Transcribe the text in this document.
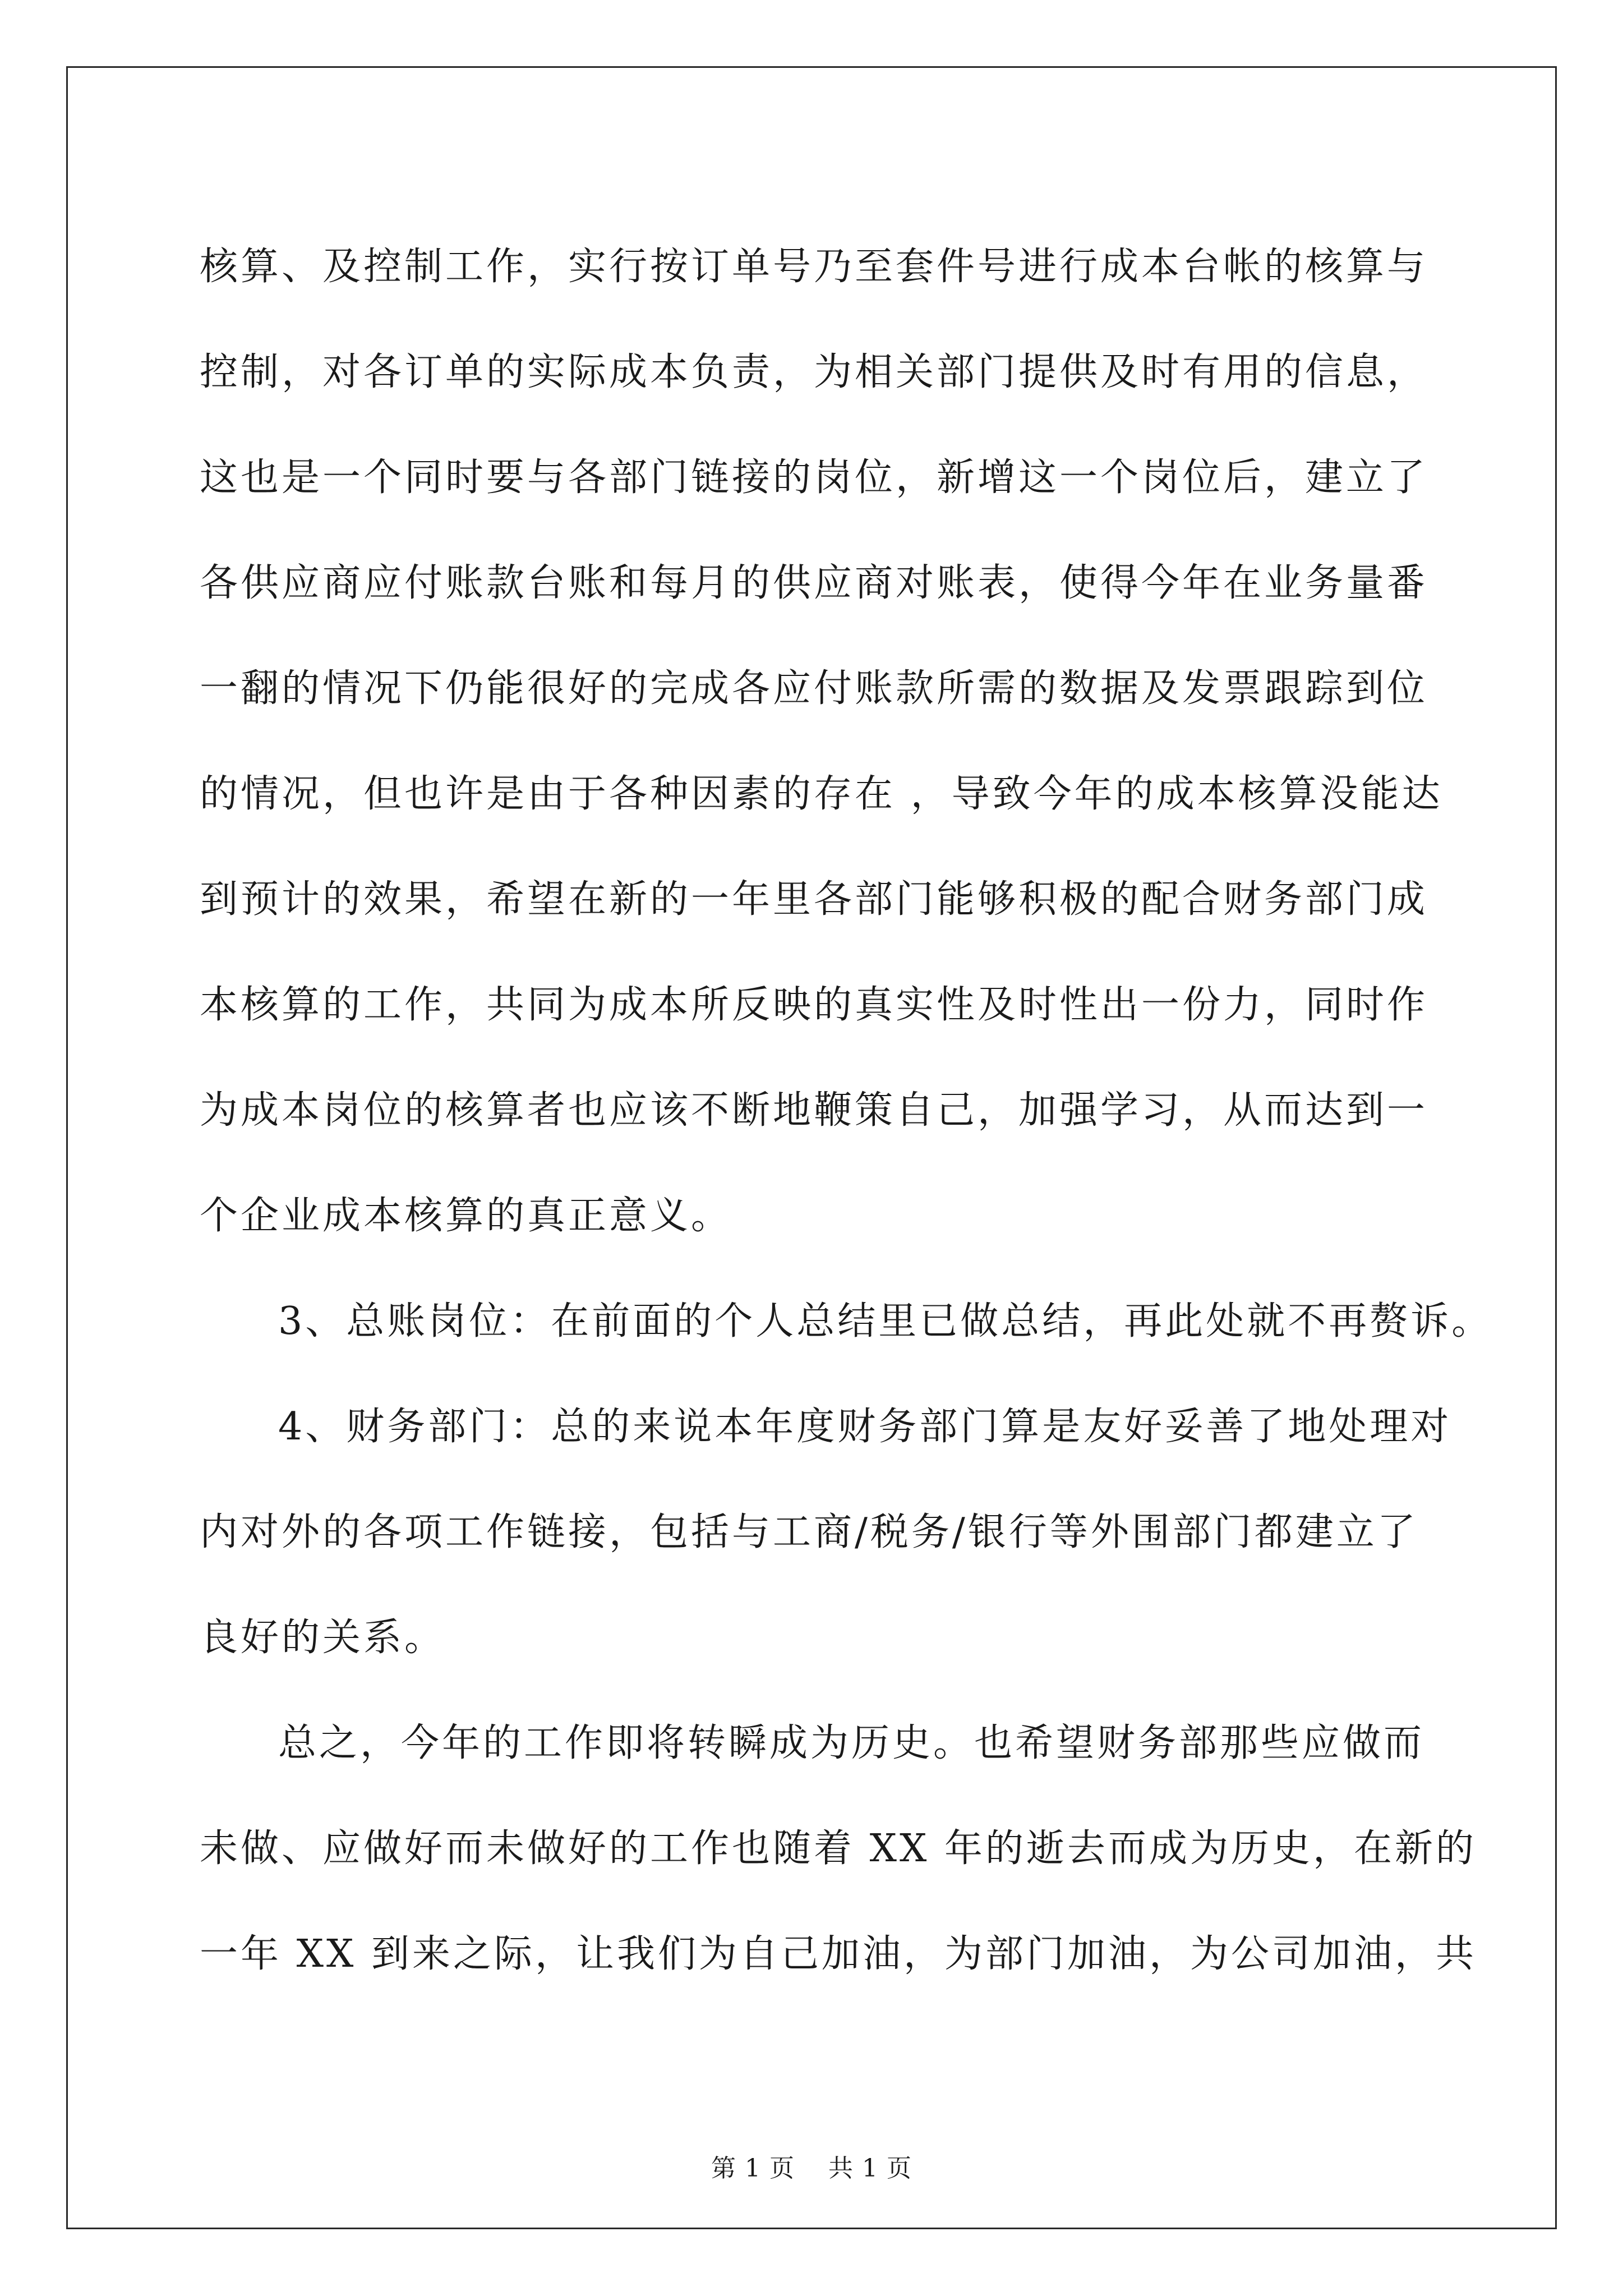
核算、及控制工作，实行按订单号乃至套件号进行成本台帐的核算与
控制，对各订单的实际成本负责，为相关部门提供及时有用的信息，
这也是一个同时要与各部门链接的岗位，新增这一个岗位后，建立了
各供应商应付账款台账和每月的供应商对账表，使得今年在业务量番
一翻的情况下仍能很好的完成各应付账款所需的数据及发票跟踪到位
的情况，但也许是由于各种因素的存在 ，导致今年的成本核算没能达
到预计的效果，希望在新的一年里各部门能够积极的配合财务部门成
本核算的工作，共同为成本所反映的真实性及时性出一份力，同时作
为成本岗位的核算者也应该不断地鞭策自己，加强学习，从而达到一
个企业成本核算的真正意义。
3、总账岗位：在前面的个人总结里已做总结，再此处就不再赘诉。
4、财务部门：总的来说本年度财务部门算是友好妥善了地处理对
内对外的各项工作链接，包括与工商/税务/银行等外围部门都建立了
良好的关系。
总之，今年的工作即将转瞬成为历史。也希望财务部那些应做而
未做、应做好而未做好的工作也随着 XX 年的逝去而成为历史，在新的
一年 XX 到来之际，让我们为自己加油，为部门加油，为公司加油，共
第 1 页 共 1 页
